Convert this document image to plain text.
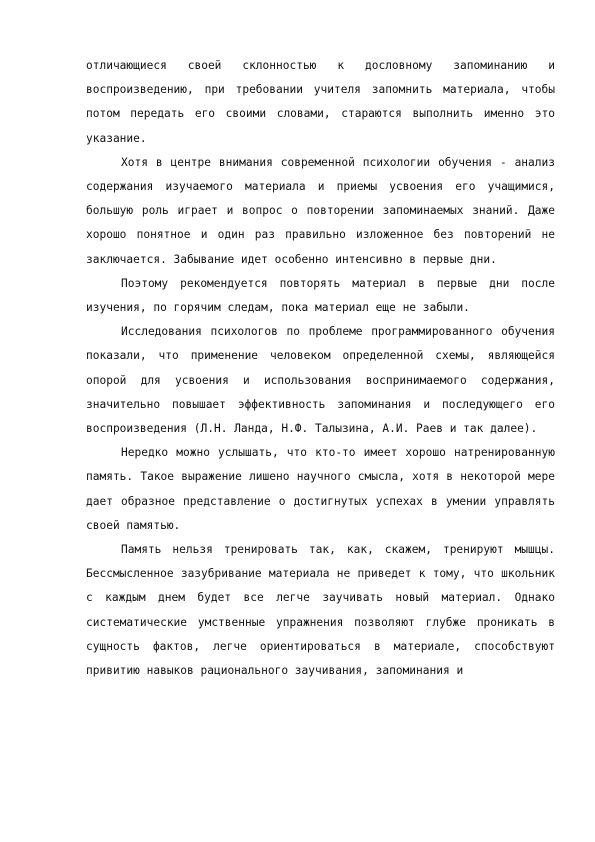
отличающиеся своей склонностью к дословному запоминанию и воспроизведению, при требовании учителя запомнить материала, чтобы потом передать его своими словами, стараются выполнить именно это указание.

Хотя в центре внимания современной психологии обучения - анализ содержания изучаемого материала и приемы усвоения его учащимися, большую роль играет и вопрос о повторении запоминаемых знаний. Даже хорошо понятное и один раз правильно изложенное без повторений не заключается. Забывание идет особенно интенсивно в первые дни.

Поэтому рекомендуется повторять материал в первые дни после изучения, по горячим следам, пока материал еще не забыли.

Исследования психологов по проблеме программированного обучения показали, что применение человеком определенной схемы, являющейся опорой для усвоения и использования воспринимаемого содержания, значительно повышает эффективность запоминания и последующего его воспроизведения (Л.Н. Ланда, Н.Ф. Талызина, А.И. Раев и так далее).

Нередко можно услышать, что кто-то имеет хорошо натренированную память. Такое выражение лишено научного смысла, хотя в некоторой мере дает образное представление о достигнутых успехах в умении управлять своей памятью.

Память нельзя тренировать так, как, скажем, тренируют мышцы. Бессмысленное зазубривание материала не приведет к тому, что школьник с каждым днем будет все легче заучивать новый материал. Однако систематические умственные упражнения позволяют глубже проникать в сущность фактов, легче ориентироваться в материале, способствуют привитию навыков рационального заучивания, запоминания и
